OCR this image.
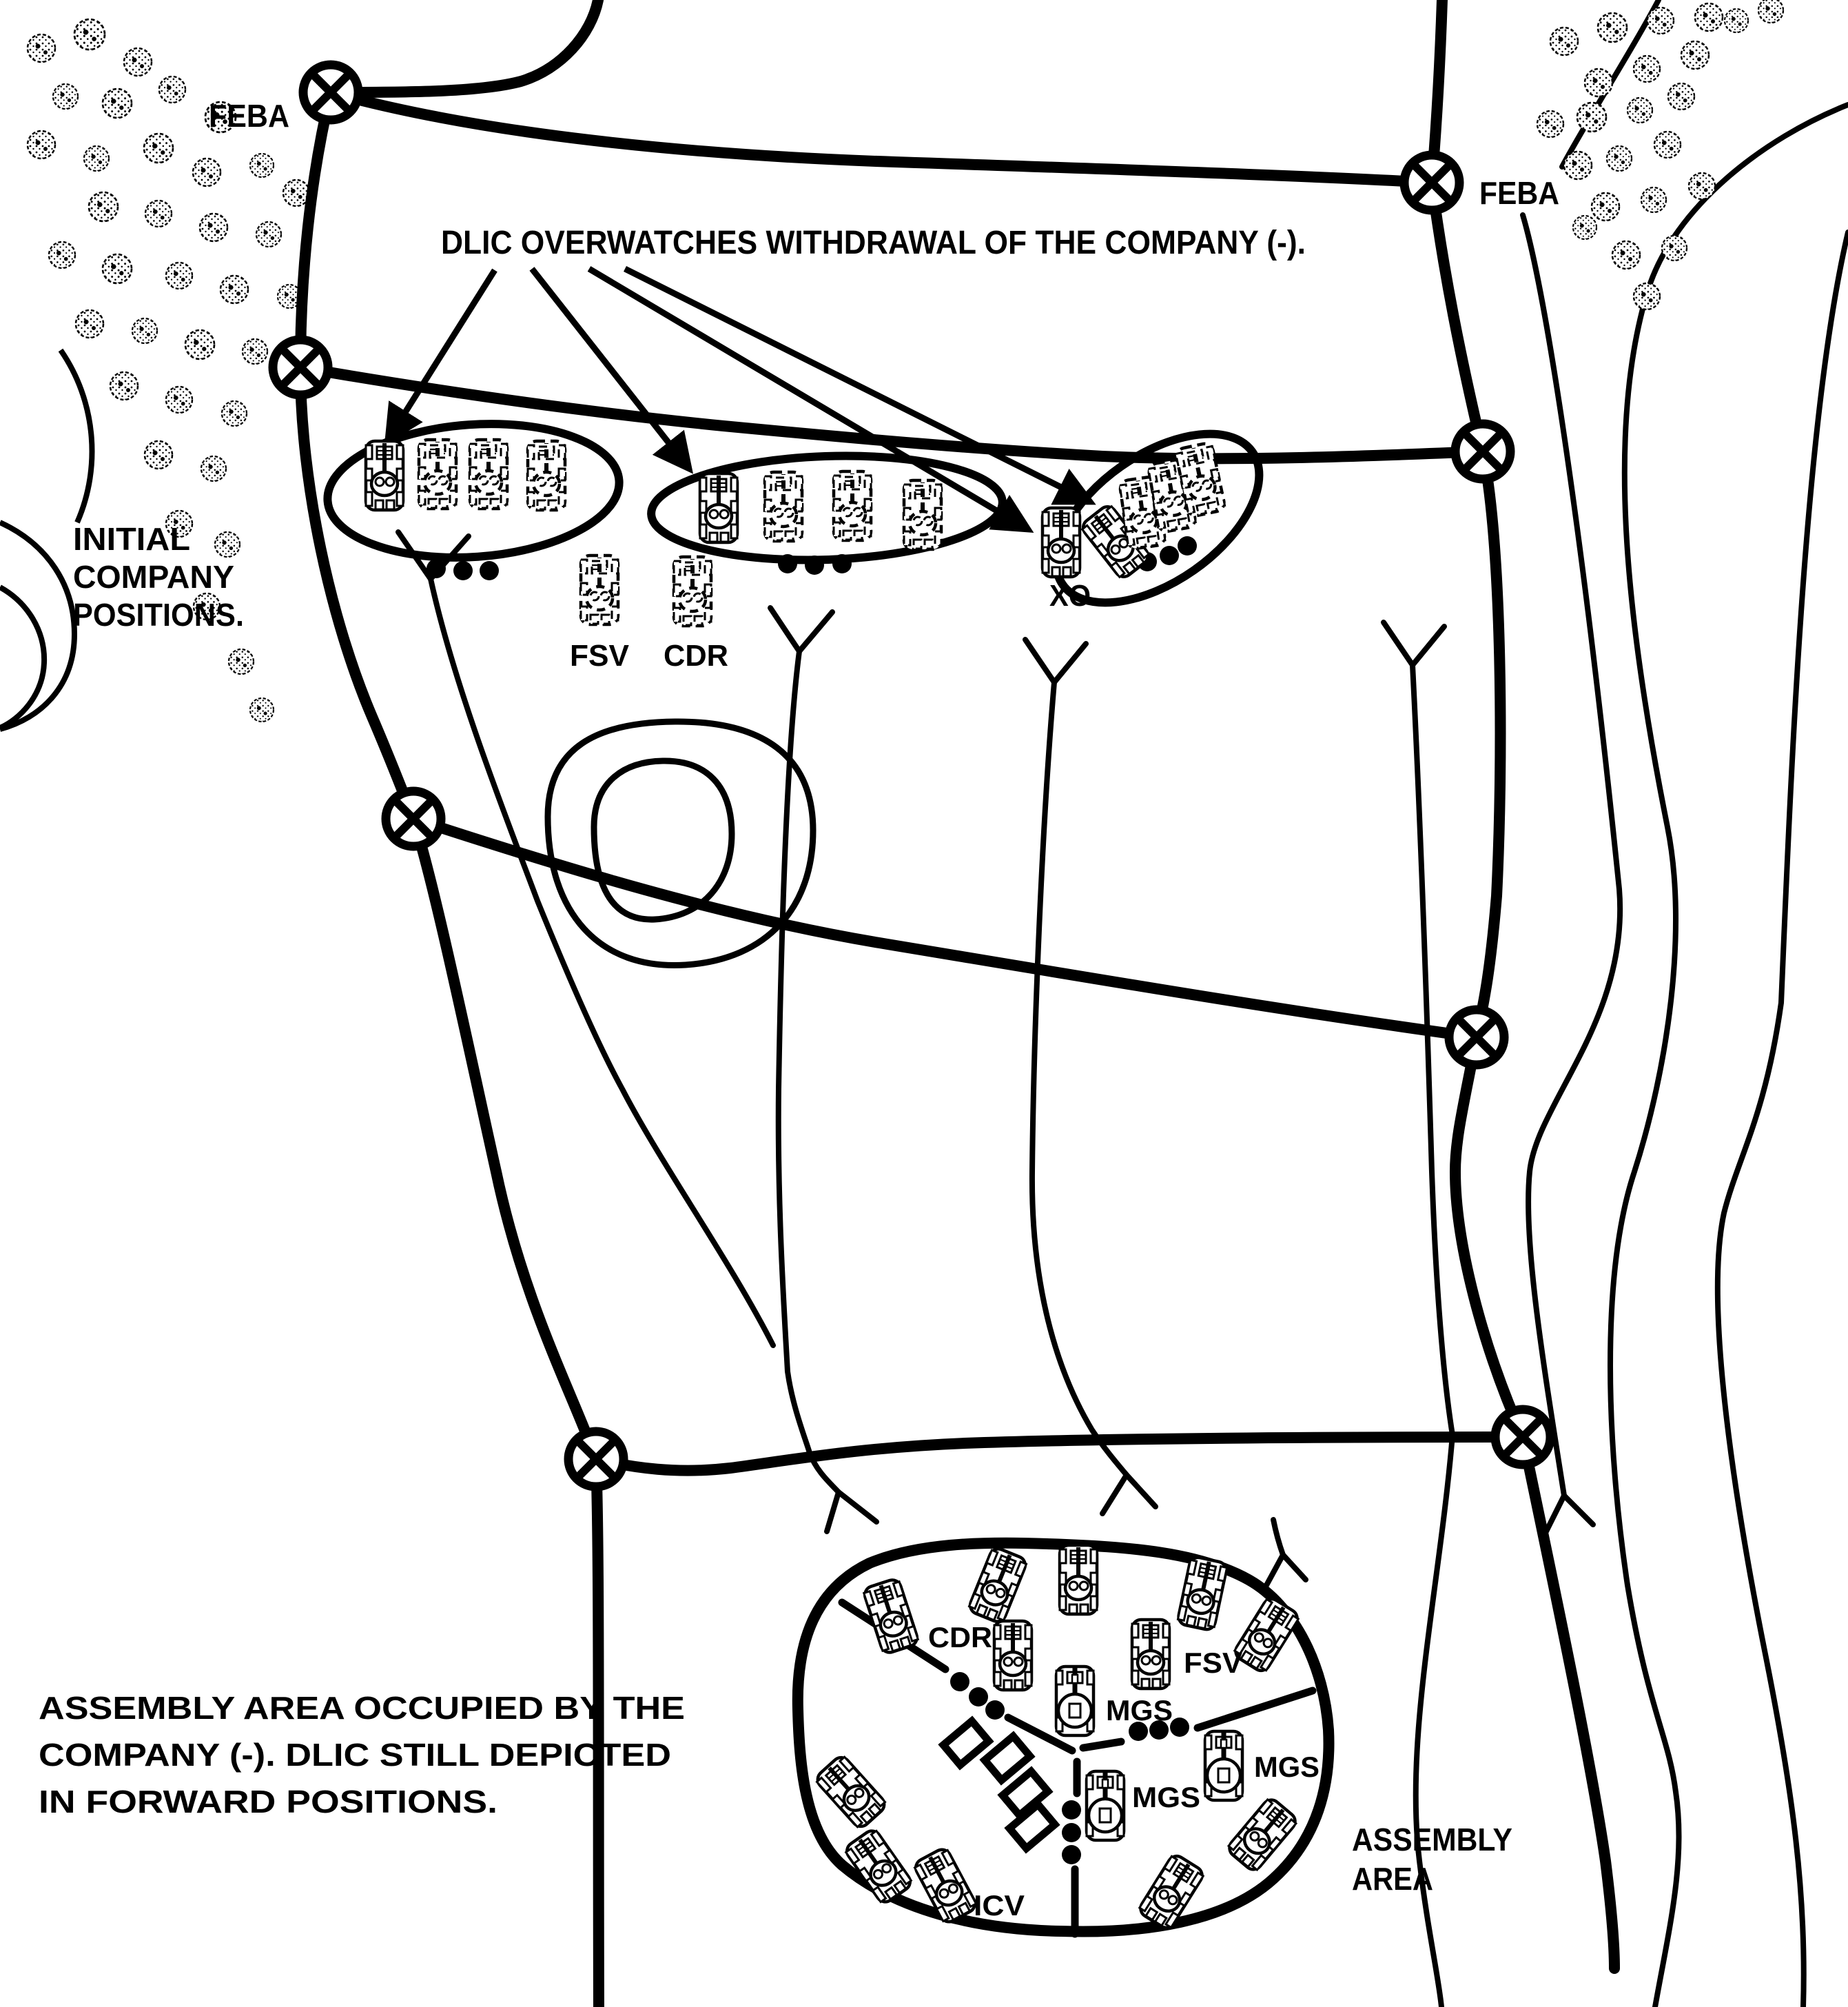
FEBA
FEBA
DLIC OVERWATCHES WITHDRAWAL OF THE COMPANY (-).
INITIAL
COMPANY
POSITIONS.
ASSEMBLY AREA OCCUPIED BY THE
COMPANY (-). DLIC STILL DEPICTED
IN FORWARD POSITIONS.
FSV CDR
XO
CDR
FSV
MGS
MGS
MGS
ICV
ASSEMBLY
AREA
